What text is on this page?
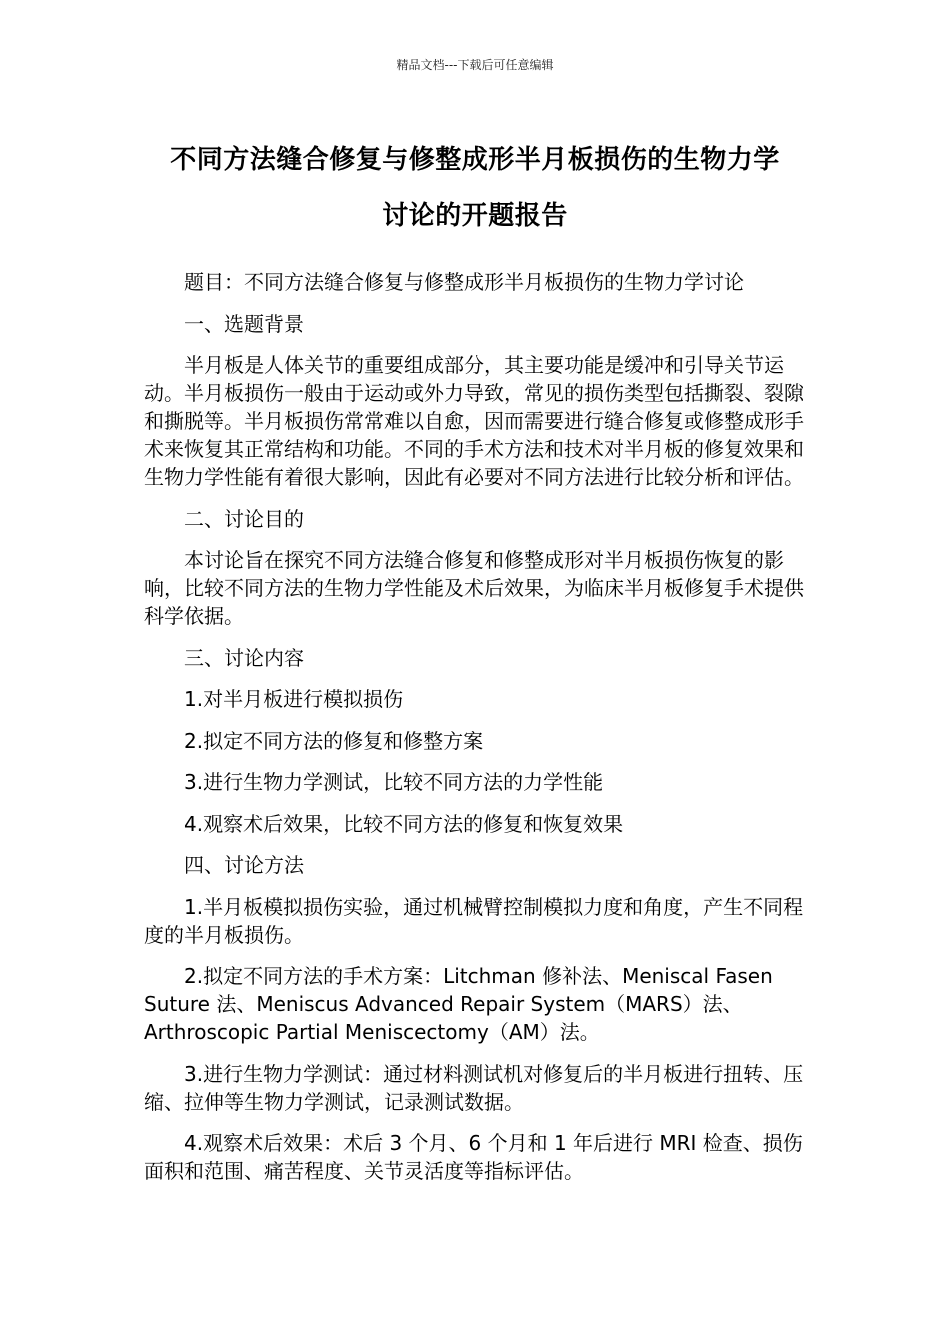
精品文档---下载后可任意编辑
不同方法缝合修复与修整成形半月板损伤的生物力学
讨论的开题报告

题目：不同方法缝合修复与修整成形半月板损伤的生物力学讨论

一、选题背景

半月板是人体关节的重要组成部分，其主要功能是缓冲和引导关节运动。半月板损伤一般由于运动或外力导致，常见的损伤类型包括撕裂、裂隙和撕脱等。半月板损伤常常难以自愈，因而需要进行缝合修复或修整成形手术来恢复其正常结构和功能。不同的手术方法和技术对半月板的修复效果和生物力学性能有着很大影响，因此有必要对不同方法进行比较分析和评估。

二、讨论目的

本讨论旨在探究不同方法缝合修复和修整成形对半月板损伤恢复的影响，比较不同方法的生物力学性能及术后效果，为临床半月板修复手术提供科学依据。

三、讨论内容

1.对半月板进行模拟损伤

2.拟定不同方法的修复和修整方案

3.进行生物力学测试，比较不同方法的力学性能

4.观察术后效果，比较不同方法的修复和恢复效果

四、讨论方法

1.半月板模拟损伤实验，通过机械臂控制模拟力度和角度，产生不同程度的半月板损伤。

2.拟定不同方法的手术方案：Litchman 修补法、Meniscal Fasen Suture 法、Meniscus Advanced Repair System（MARS）法、Arthroscopic Partial Meniscectomy（AM）法。

3.进行生物力学测试：通过材料测试机对修复后的半月板进行扭转、压缩、拉伸等生物力学测试，记录测试数据。

4.观察术后效果：术后 3 个月、6 个月和 1 年后进行 MRI 检查、损伤面积和范围、痛苦程度、关节灵活度等指标评估。
